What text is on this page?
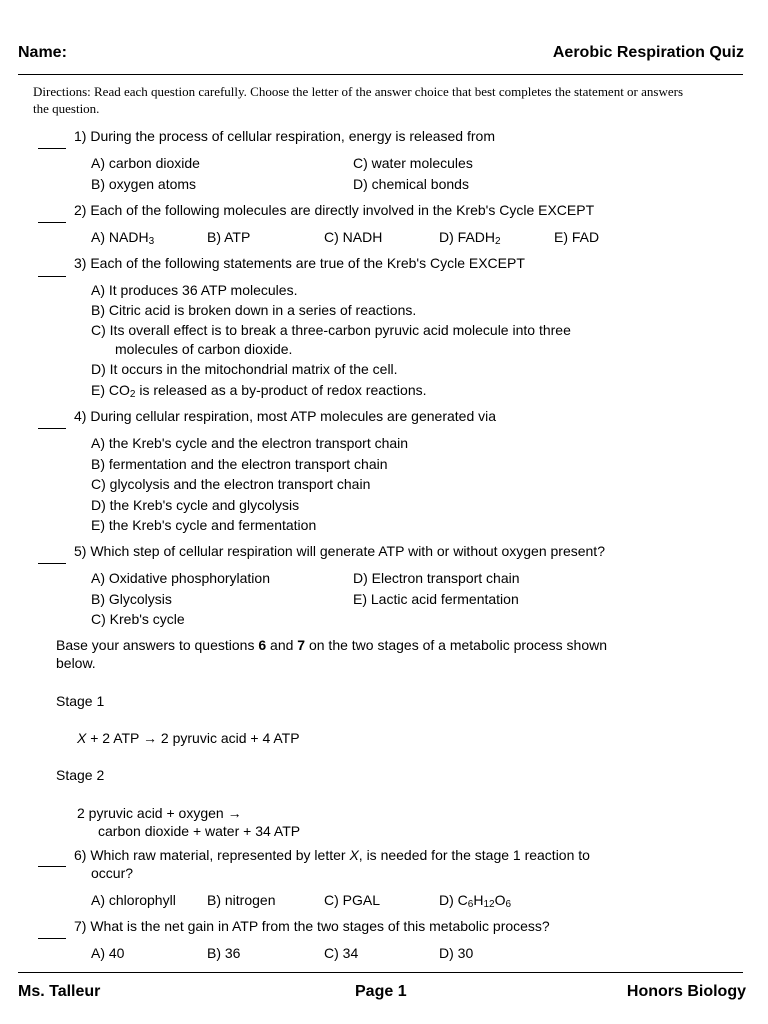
Name:	Aerobic Respiration Quiz
Directions: Read each question carefully. Choose the letter of the answer choice that best completes the statement or answers the question.
1) During the process of cellular respiration, energy is released from
A) carbon dioxide
B) oxygen atoms
C) water molecules
D) chemical bonds
2) Each of the following molecules are directly involved in the Kreb's Cycle EXCEPT
A) $NADH_3$	B) ATP	C) NADH	D) $FADH_2$	E) FAD
3) Each of the following statements are true of the Kreb's Cycle EXCEPT
A) It produces 36 ATP molecules.
B) Citric acid is broken down in a series of reactions.
C) Its overall effect is to break a three-carbon pyruvic acid molecule into three
molecules of carbon dioxide.
D) It occurs in the mitochondrial matrix of the cell.
E) $CO_2$ is released as a by-product of redox reactions.
4) During cellular respiration, most ATP molecules are generated via
A) the Kreb's cycle and the electron transport chain
B) fermentation and the electron transport chain
C) glycolysis and the electron transport chain
D) the Kreb's cycle and glycolysis
E) the Kreb's cycle and fermentation
5) Which step of cellular respiration will generate ATP with or without oxygen present?
A) Oxidative phosphorylation
B) Glycolysis
C) Kreb's cycle
D) Electron transport chain
E) Lactic acid fermentation
Base your answers to questions 6 and 7 on the two stages of a metabolic process shown
below.
Stage 1
X + 2 ATP → 2 pyruvic acid + 4 ATP
Stage 2
2 pyruvic acid + oxygen →
carbon dioxide + water + 34 ATP
6) Which raw material, represented by letter X, is needed for the stage 1 reaction to
occur?
A) chlorophyll B) nitrogen	C) PGAL	D) $C_6H_{12}O_6$
7) What is the net gain in ATP from the two stages of this metabolic process?
A) 40	B) 36	C) 34	D) 30
Ms. Talleur	Page 1	Honors Biology
